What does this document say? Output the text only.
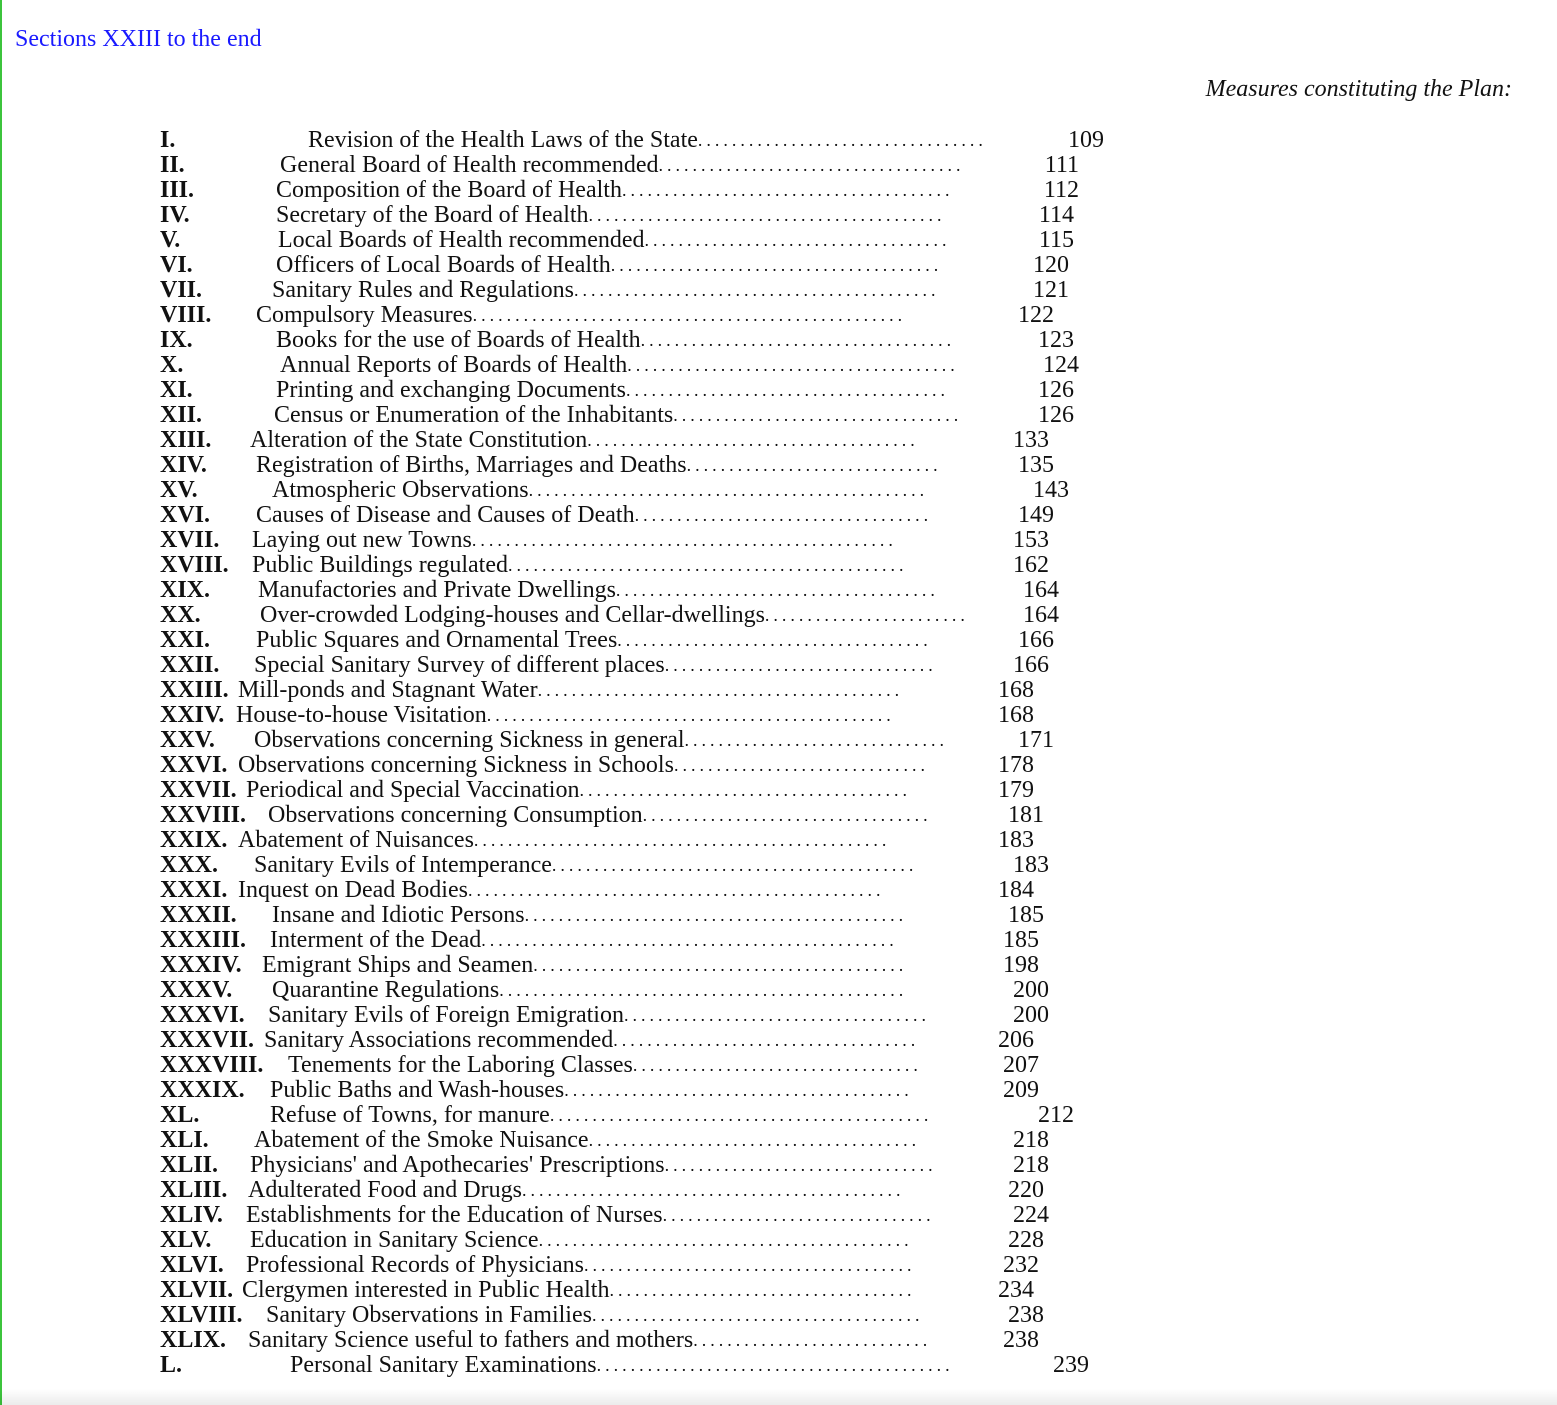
Sections XXIII to the end
Measures constituting the Plan:
I.	Revision of the Health Laws of the State..................................	109
II.	General Board of Health recommended....................................	111
III.	Composition of the Board of Health.......................................	112
IV.	Secretary of the Board of Health..........................................	114
V.	Local Boards of Health recommended....................................	115
VI.	Officers of Local Boards of Health.......................................	120
VII.	Sanitary Rules and Regulations...........................................	121
VIII. Compulsory Measures...................................................	122
IX.	Books for the use of Boards of Health.....................................	123
X.	Annual Reports of Boards of Health.......................................	124
XI.	Printing and exchanging Documents......................................	126
XII.	Census or Enumeration of the Inhabitants..................................	126
XIII. Alteration of the State Constitution.......................................	133
XIV. Registration of Births, Marriages and Deaths..............................	135
XV.	Atmospheric Observations...............................................	143
XVI. Causes of Disease and Causes of Death...................................	149
XVII. Laying out new Towns..................................................	153
XVIII. Public Buildings regulated...............................................	162
XIX. Manufactories and Private Dwellings......................................	164
XX. Over-crowded Lodging-houses and Cellar-dwellings........................ 164
XXI. Public Squares and Ornamental Trees.....................................	166
XXII. Special Sanitary Survey of different places................................	166
XXIII. Mill-ponds and Stagnant Water...........................................	168
XXIV. House-to-house Visitation................................................	168
XXV. Observations concerning Sickness in general...............................	171
XXVI. Observations concerning Sickness in Schools..............................	178
XXVII. Periodical and Special Vaccination.......................................	179
XXVIII. Observations concerning Consumption..................................	181
XXIX. Abatement of Nuisances.................................................	183
XXX. Sanitary Evils of Intemperance...........................................	183
XXXI. Inquest on Dead Bodies.................................................	184
XXXII. Insane and Idiotic Persons.............................................	185
XXXIII. Interment of the Dead.................................................	185
XXXIV. Emigrant Ships and Seamen............................................	198
XXXV. Quarantine Regulations................................................	200
XXXVI. Sanitary Evils of Foreign Emigration....................................	200
XXXVII. Sanitary Associations recommended....................................	206
XXXVIII. Tenements for the Laboring Classes..................................	207
XXXIX. Public Baths and Wash-houses.........................................	209
XL.	Refuse of Towns, for manure.............................................	212
XLI. Abatement of the Smoke Nuisance.......................................	218
XLII. Physicians' and Apothecaries' Prescriptions................................	218
XLIII. Adulterated Food and Drugs.............................................	220
XLIV. Establishments for the Education of Nurses................................	224
XLV. Education in Sanitary Science............................................	228
XLVI. Professional Records of Physicians.......................................	232
XLVII. Clergymen interested in Public Health....................................	234
XLVIII. Sanitary Observations in Families.......................................	238
XLIX. Sanitary Science useful to fathers and mothers............................	238
L.	Personal Sanitary Examinations..........................................	239
